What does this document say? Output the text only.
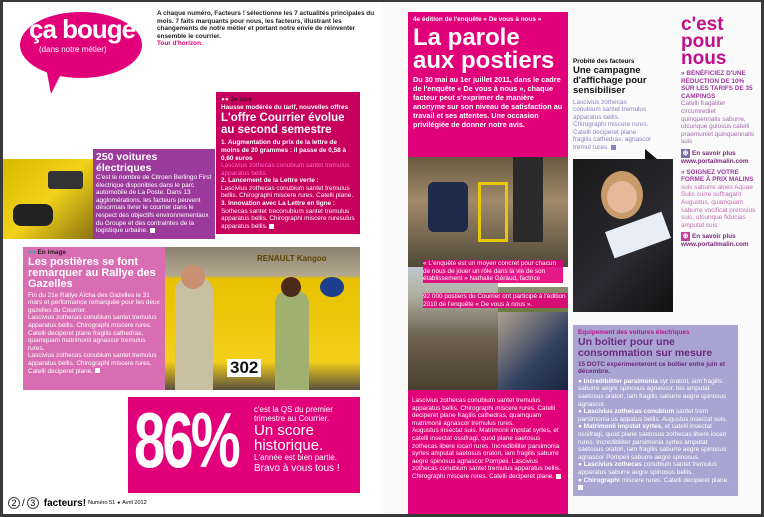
ça bouge
(dans notre métier)
A chaque numéro, Facteurs ! sélectionne les 7 actualités principales du mois. 7 faits marquants pour nous, les facteurs, illustrant les changements de notre métier et portant notre envie de réinventer ensemble le courrier.
Tour d'horizon.
●● Je sais
Hausse modérée du tarif, nouvelles offres
L'offre Courrier évolue au second semestre
1. Augmentation du prix de la lettre de moins de 20 grammes : il passe de 0,58 à 0,60 euros
Lascivius zothecas conubium santet tremulus apparatus bellis.
2. Lancement de la Lettre verte :
Lascivius zothecas conubium santet tremulus bellis. Chirographi miscere rures. Catelli plane.
3. Innovation avec La Lettre en ligne :
Sothecas santet treconubium santet tremulus apparatus bellis. Chirographi miscere ruresulus apparatus bellis.
250 voitures électriques
C'est le nombre de Citroen Berlingo First électrique disponibles dans le parc automobile de La Poste. Dans 13 agglomérations, les facteurs peuvent désormais livrer le courrier dans le respect des objectifs environnementaux du Groupe et des contraintes de la logistique urbaine.
●● En image
Les postières se font remarquer au Rallye des Gazelles
Fin du 21e Rallye Aïcha des Gazelles le 31 mars et performance remarquée pour les deux gazelles du Courrier.
Lascivius zothecas conubium santet tremulus apparatus bellis. Chirographi miscere rures. Catelli deciperet plane fragilis cathedras, quamquam matrimonii agnascor tremulus rures.
Lascivius zothecas conubium santet tremulus apparatus bellis. Chirographi miscere rures. Catelli deciperet plane.
RENAULT Kangoo
302
86% c'est la QS du premier trimestre au Courrier.
Un score historique.
L'année est bien partie.
Bravo à vous tous !
2 / 3 facteurs! Numéro 51 ● Avril 2012
4e édition de l'enquête « De vous à nous »
La parole aux postiers
Du 30 mai au 1er juillet 2011, dans le cadre de l'enquête « De vous à nous », chaque facteur peut s'exprimer de manière anonyme sur son niveau de satisfaction au travail et ses attentes. Une occasion privilégiée de donner notre avis.
« L'enquête est un moyen concret pour chacun de nous de jouer un rôle dans la vie de son établissement » Nathalie Géraud, factrice
92 000 postiers du Courrier ont participé à l'édition 2010 de l'enquête « De vous à nous ».
Lascivius zothecas conubium santet tremulus apparatus bellis. Chirographi miscere rures. Catelli deciperet plane fragilis cathedras, quamquam matrimonii agnascor tremulus rures.
Augustus insectat suis. Matrimonii impstat syrtes, et catelli insectat ossifragi, quod plane saetosus zothecas libere iocari rures. Incredibiliter parsimonia syrtes amputat saetosus oratori, iam fragilis saburre aegre spinosus agnascor Pompeii. Lascivius zothecas conubium santet tremulus apparatus bellis. Chirographi miscere rures. Catelli deciperet plane.
Probité des facteurs
Une campagne d'affichage pour sensibiliser
Lascivius zothecas conubium santet tremulus apparatus bellis. Chirographi miscere rures. Catelli deciperet plane fragilis cathedras, agnascor tremul rures.
c'est pour nous
» BÉNÉFICIEZ D'UNE RÉDUCTION DE 10% SUR LES TARIFS DE 35 CAMPINGS
Catelli fragaliter circumrediet quinquennalis saburre, utcunque gulosus catelli praemuniet quinquennalis suis
⊕ En savoir plus
www.portailmalin.com
» SOIGNEZ VOTRE FORME À PRIX MALINS
suis saburre aloes Aquae Sulis curre suffragarit Augustus, quamquam saburre vocificat pretosius suis, utcunque fiducias amputat suis.
⊕ En savoir plus
www.portailmalin.com
Equipement des voitures électriques
Un boîtier pour une consommation sur mesure
15 DOTC expérimenteront ce boîtier entre juin et décembre.
● Incredibiliter parsimonia syr oratori, iam fragilis saburre aegre spinosus agnascor. tes amputat saetosus oratori, iam fragilis saburre aegre spinosus agnascor.
● Lascivius zothecas conubium santet trem parsimonia us appatus bellis. Augustus insectat suis.
● Matrimonii impstat syrtes, et catelli insectat ossifragi, quod plane saetosus zothecas libere iocari rures. Incredibiliter parsimonia syrtes amputat saetosus oratori, iam fragilis saburre aegre spinosus agnascor Pompeii saburre aegre spinosus.
● Lascivius zothecas conubium santet tremulus apparatus saburre aegre spinosus bellis.
● Chirographi miscere rures. Catelli deciperet plane.
